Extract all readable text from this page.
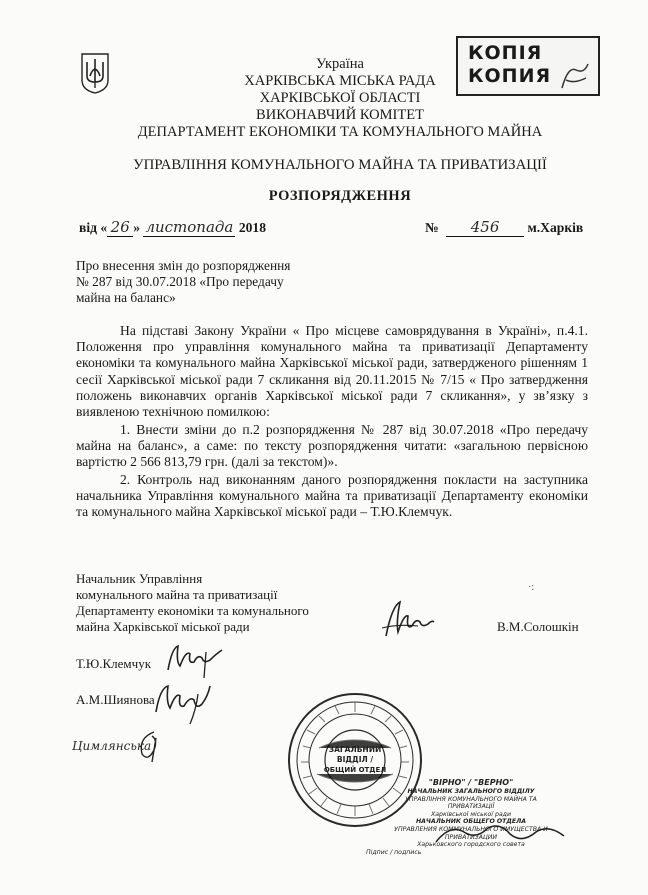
КОПІЯ
КОПИЯ
Україна
ХАРКІВСЬКА МІСЬКА РАДА
ХАРКІВСЬКОЇ ОБЛАСТІ
ВИКОНАВЧИЙ КОМІТЕТ
ДЕПАРТАМЕНТ ЕКОНОМІКИ ТА КОМУНАЛЬНОГО МАЙНА
УПРАВЛІННЯ КОМУНАЛЬНОГО МАЙНА ТА ПРИВАТИЗАЦІЇ
РОЗПОРЯДЖЕННЯ
від « 26 » листопада 2018	№ 456 м.Харків
Про внесення змін до розпорядження
№ 287 від 30.07.2018 «Про передачу
майна на баланс»
На підставі Закону України « Про місцеве самоврядування в Україні», п.4.1. Положення про управління комунального майна та приватизації Департаменту економіки та комунального майна Харківської міської ради, затвердженого рішенням 1 сесії Харківської міської ради 7 скликання від 20.11.2015 № 7/15 « Про затвердження положень виконавчих органів Харківської міської ради 7 скликання», у зв’язку з виявленою технічною помилкою:
1. Внести зміни до п.2 розпорядження № 287 від 30.07.2018 «Про передачу майна на баланс», а саме: по тексту розпорядження читати: «загальною первісною вартістю 2 566 813,79 грн. (далі за текстом)».
2. Контроль над виконанням даного розпорядження покласти на заступника начальника Управління комунального майна та приватизації Департаменту економіки та комунального майна Харківської міської ради – Т.Ю.Клемчук.
Начальник Управління
комунального майна та приватизації
Департаменту економіки та комунального
майна Харківської міської ради	В.М.Солошкін
·:
Т.Ю.Клемчук
А.М.Шиянова
Цимлянська	ЗАГАЛЬНИЙ
ВІДДІЛ /
ОБЩИЙ ОТДЕЛ
"ВІРНО" / "ВЕРНО"
НАЧАЛЬНИК ЗАГАЛЬНОГО ВІДДІЛУ
УПРАВЛІННЯ КОМУНАЛЬНОГО МАЙНА ТА ПРИВАТИЗАЦІЇ
Харківської міської ради
НАЧАЛЬНИК ОБЩЕГО ОТДЕЛА
УПРАВЛЕНИЯ КОММУНАЛЬНОГО ИМУЩЕСТВА И ПРИВАТИЗАЦИИ
Харьковского городского совета
Підпис / подпись
